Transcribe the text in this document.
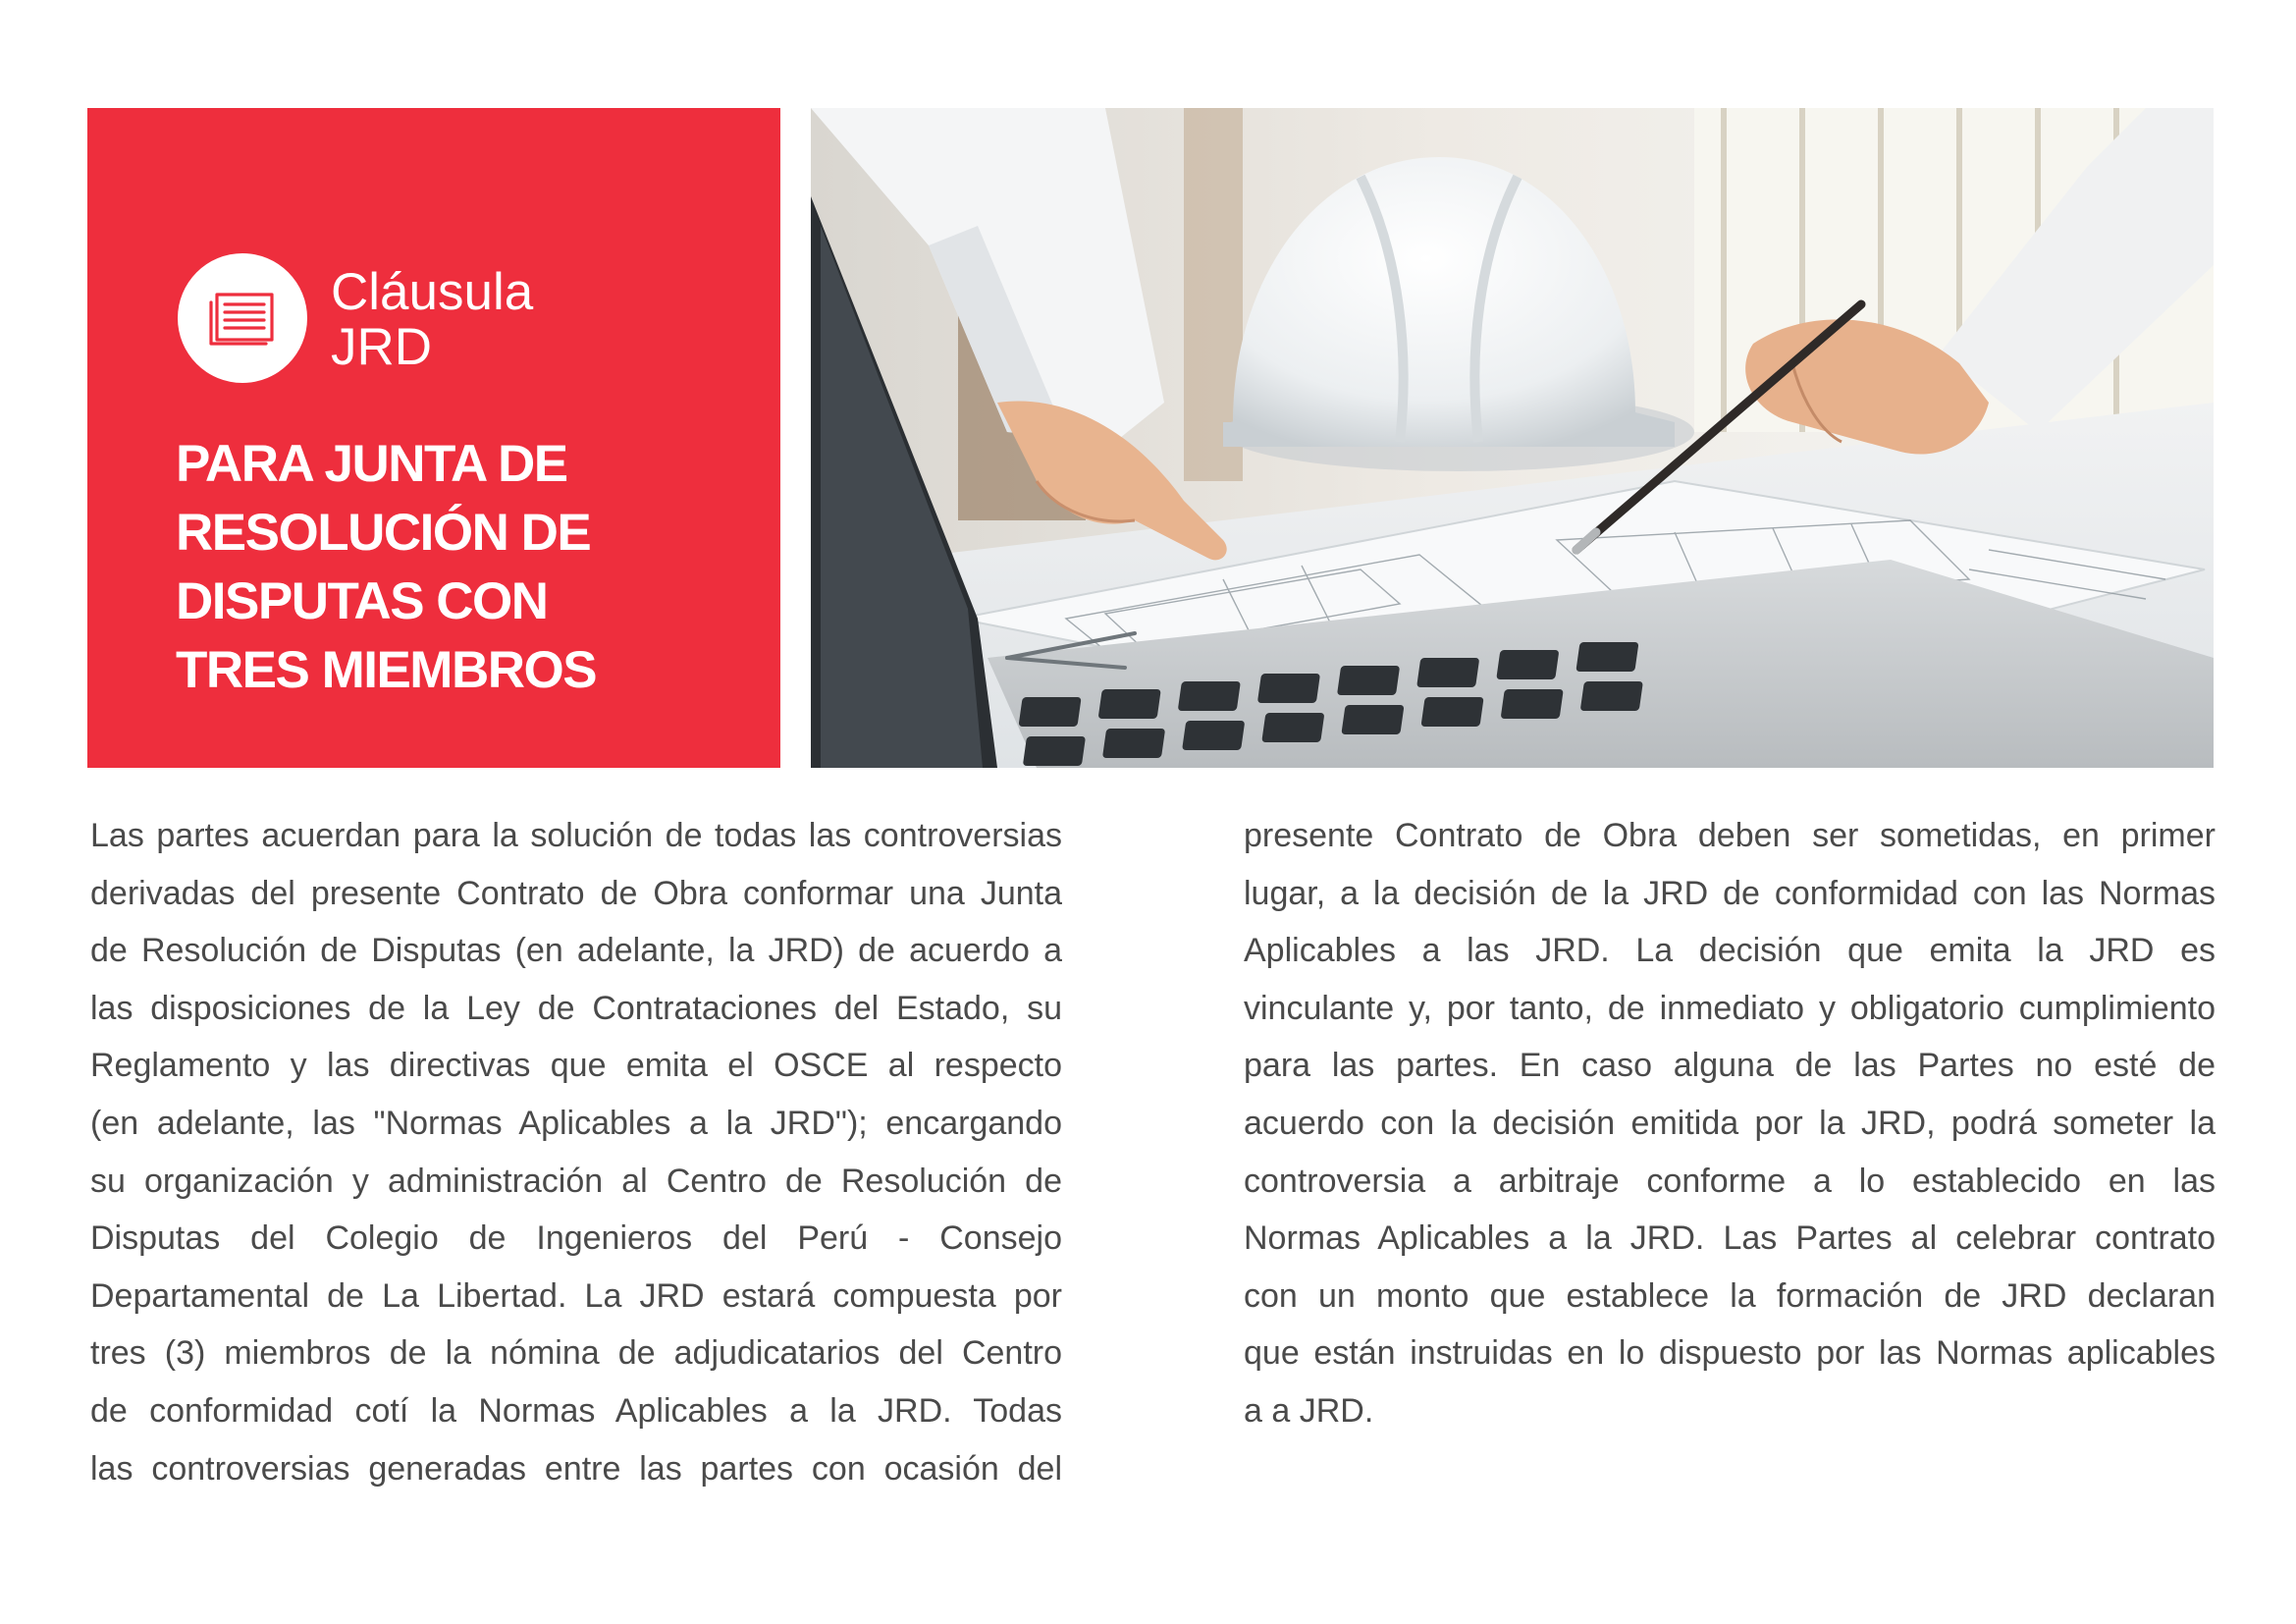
Cláusula
JRD
PARA JUNTA DE
RESOLUCIÓN DE
DISPUTAS CON
TRES MIEMBROS
Las partes acuerdan para la solución de todas las controversias
derivadas del presente Contrato de Obra conformar una Junta
de Resolución de Disputas (en adelante, la JRD) de acuerdo a
las disposiciones de la Ley de Contrataciones del Estado, su
Reglamento y las directivas que emita el OSCE al respecto
(en adelante, las "Normas Aplicables a la JRD"); encargando
su organización y administración al Centro de Resolución de
Disputas del Colegio de Ingenieros del Perú - Consejo
Departamental de La Libertad. La JRD estará compuesta por
tres (3) miembros de la nómina de adjudicatarios del Centro
de conformidad cotí la Normas Aplicables a la JRD. Todas
las controversias generadas entre las partes con ocasión del
presente Contrato de Obra deben ser sometidas, en primer
lugar, a la decisión de la JRD de conformidad con las Normas
Aplicables a las JRD. La decisión que emita la JRD es
vinculante y, por tanto, de inmediato y obligatorio cumplimiento
para las partes. En caso alguna de las Partes no esté de
acuerdo con la decisión emitida por la JRD, podrá someter la
controversia a arbitraje conforme a lo establecido en las
Normas Aplicables a la JRD. Las Partes al celebrar contrato
con un monto que establece la formación de JRD declaran
que están instruidas en lo dispuesto por las Normas aplicables
a a JRD.
